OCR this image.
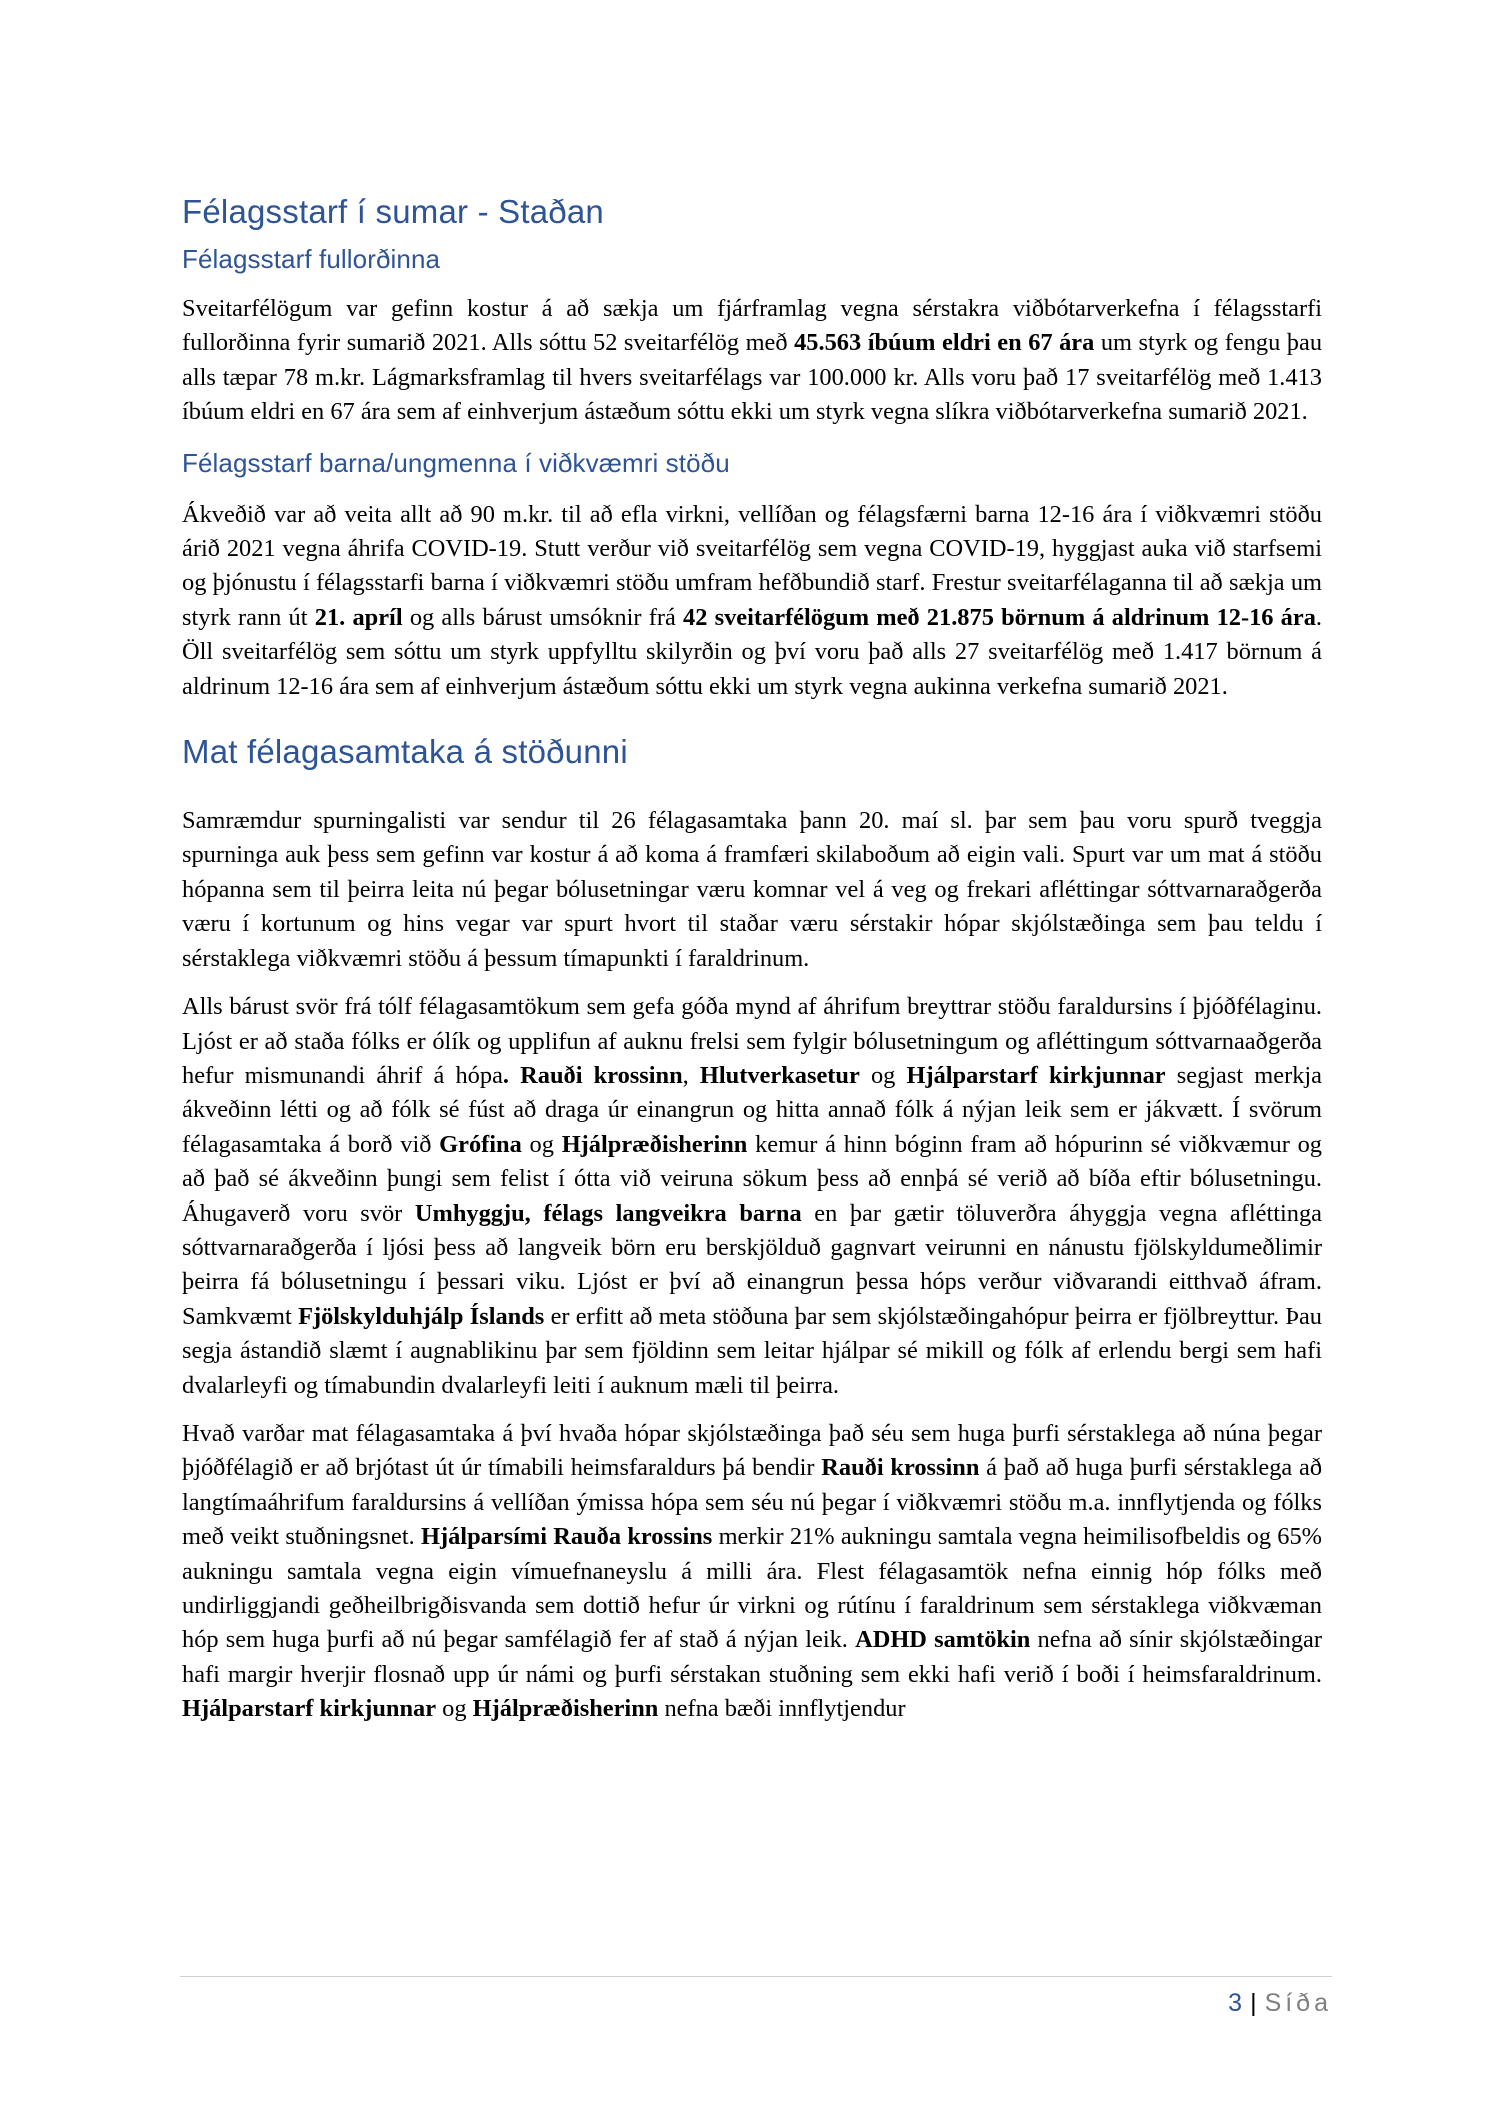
Félagsstarf í sumar - Staðan
Félagsstarf fullorðinna

Sveitarfélögum var gefinn kostur á að sækja um fjárframlag vegna sérstakra viðbótarverkefna í félagsstarfi fullorðinna fyrir sumarið 2021. Alls sóttu 52 sveitarfélög með 45.563 íbúum eldri en 67 ára um styrk og fengu þau alls tæpar 78 m.kr. Lágmarksframlag til hvers sveitarfélags var 100.000 kr. Alls voru það 17 sveitarfélög með 1.413 íbúum eldri en 67 ára sem af einhverjum ástæðum sóttu ekki um styrk vegna slíkra viðbótarverkefna sumarið 2021.

Félagsstarf barna/ungmenna í viðkvæmri stöðu

Ákveðið var að veita allt að 90 m.kr. til að efla virkni, vellíðan og félagsfærni barna 12-16 ára í viðkvæmri stöðu árið 2021 vegna áhrifa COVID-19. Stutt verður við sveitarfélög sem vegna COVID-19, hyggjast auka við starfsemi og þjónustu í félagsstarfi barna í viðkvæmri stöðu umfram hefðbundið starf. Frestur sveitarfélaganna til að sækja um styrk rann út 21. apríl og alls bárust umsóknir frá 42 sveitarfélögum með 21.875 börnum á aldrinum 12-16 ára. Öll sveitarfélög sem sóttu um styrk uppfylltu skilyrðin og því voru það alls 27 sveitarfélög með 1.417 börnum á aldrinum 12-16 ára sem af einhverjum ástæðum sóttu ekki um styrk vegna aukinna verkefna sumarið 2021.

Mat félagasamtaka á stöðunni

Samræmdur spurningalisti var sendur til 26 félagasamtaka þann 20. maí sl. þar sem þau voru spurð tveggja spurninga auk þess sem gefinn var kostur á að koma á framfæri skilaboðum að eigin vali. Spurt var um mat á stöðu hópanna sem til þeirra leita nú þegar bólusetningar væru komnar vel á veg og frekari afléttingar sóttvarnaraðgerða væru í kortunum og hins vegar var spurt hvort til staðar væru sérstakir hópar skjólstæðinga sem þau teldu í sérstaklega viðkvæmri stöðu á þessum tímapunkti í faraldrinum.

Alls bárust svör frá tólf félagasamtökum sem gefa góða mynd af áhrifum breyttrar stöðu faraldursins í þjóðfélaginu. Ljóst er að staða fólks er ólík og upplifun af auknu frelsi sem fylgir bólusetningum og afléttingum sóttvarnaaðgerða hefur mismunandi áhrif á hópa. Rauði krossinn, Hlutverkasetur og Hjálparstarf kirkjunnar segjast merkja ákveðinn létti og að fólk sé fúst að draga úr einangrun og hitta annað fólk á nýjan leik sem er jákvætt. Í svörum félagasamtaka á borð við Grófina og Hjálpræðisherinn kemur á hinn bóginn fram að hópurinn sé viðkvæmur og að það sé ákveðinn þungi sem felist í ótta við veiruna sökum þess að ennþá sé verið að bíða eftir bólusetningu. Áhugaverð voru svör Umhyggju, félags langveikra barna en þar gætir töluverðra áhyggja vegna afléttinga sóttvarnaraðgerða í ljósi þess að langveik börn eru berskjölduð gagnvart veirunni en nánustu fjölskyldumeðlimir þeirra fá bólusetningu í þessari viku. Ljóst er því að einangrun þessa hóps verður viðvarandi eitthvað áfram. Samkvæmt Fjölskylduhjálp Íslands er erfitt að meta stöðuna þar sem skjólstæðingahópur þeirra er fjölbreyttur. Þau segja ástandið slæmt í augnablikinu þar sem fjöldinn sem leitar hjálpar sé mikill og fólk af erlendu bergi sem hafi dvalarleyfi og tímabundin dvalarleyfi leiti í auknum mæli til þeirra.

Hvað varðar mat félagasamtaka á því hvaða hópar skjólstæðinga það séu sem huga þurfi sérstaklega að núna þegar þjóðfélagið er að brjótast út úr tímabili heimsfaraldurs þá bendir Rauði krossinn á það að huga þurfi sérstaklega að langtímaáhrifum faraldursins á vellíðan ýmissa hópa sem séu nú þegar í viðkvæmri stöðu m.a. innflytjenda og fólks með veikt stuðningsnet. Hjálparsími Rauða krossins merkir 21% aukningu samtala vegna heimilisofbeldis og 65% aukningu samtala vegna eigin vímuefnaneyslu á milli ára. Flest félagasamtök nefna einnig hóp fólks með undirliggjandi geðheilbrigðisvanda sem dottið hefur úr virkni og rútínu í faraldrinum sem sérstaklega viðkvæman hóp sem huga þurfi að nú þegar samfélagið fer af stað á nýjan leik. ADHD samtökin nefna að sínir skjólstæðingar hafi margir hverjir flosnað upp úr námi og þurfi sérstakan stuðning sem ekki hafi verið í boði í heimsfaraldrinum. Hjálparstarf kirkjunnar og Hjálpræðisherinn nefna bæði innflytjendur

3 | Síða
